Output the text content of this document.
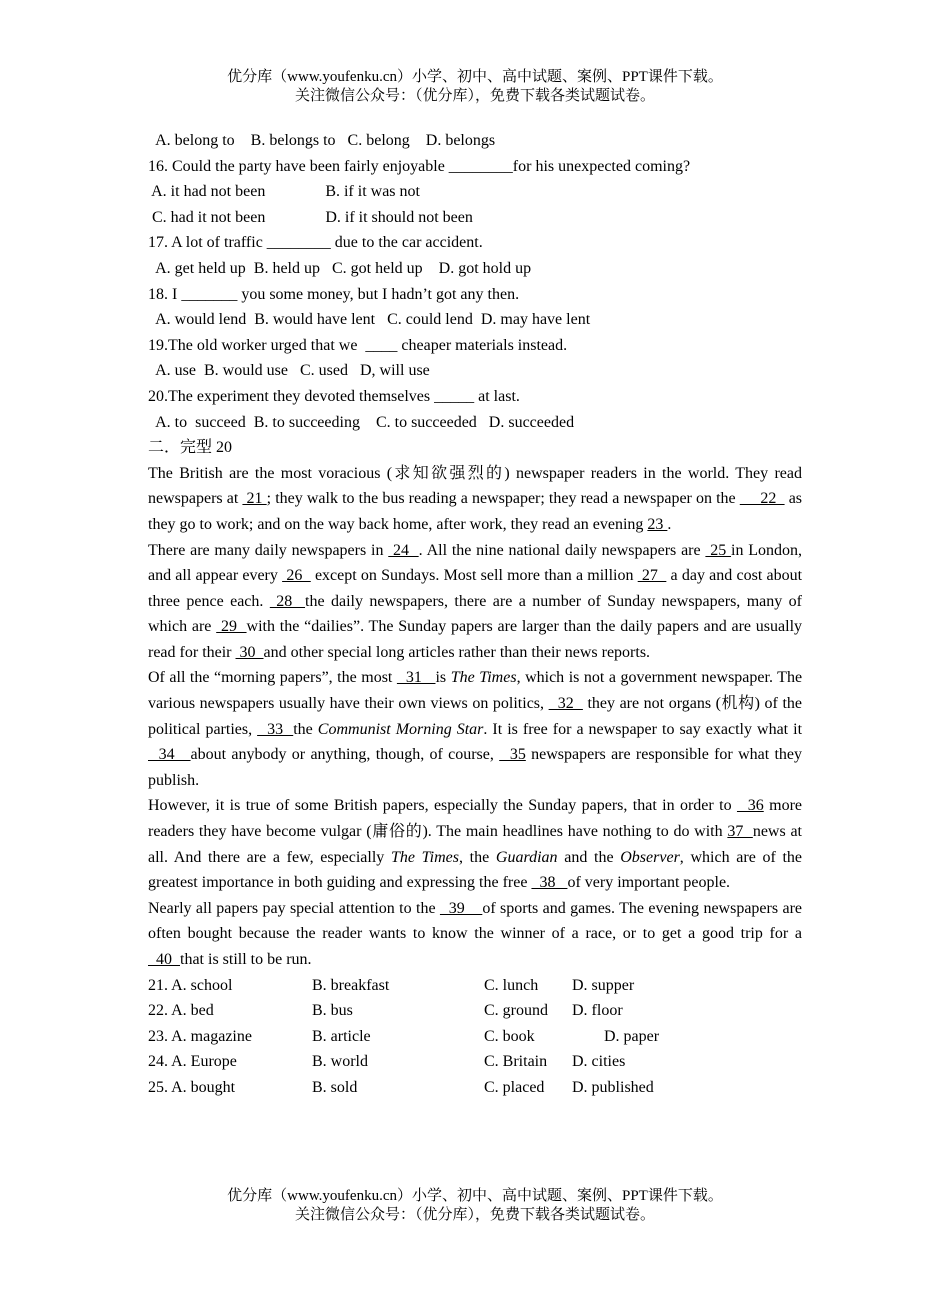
优分库（www.youfenku.cn）小学、初中、高中试题、案例、PPT课件下载。
关注微信公众号：（优分库），免费下载各类试题试卷。
A. belong to    B. belongs to   C. belong    D. belongs
16. Could the party have been fairly enjoyable ________for his unexpected coming?
A. it had not been               B. if it was not
C. had it not been               D. if it should not been
17. A lot of traffic ________ due to the car accident.
A. get held up  B. held up   C. got held up    D. got hold up
18. I _______ you some money, but I hadn’t got any then.
A. would lend  B. would have lent   C. could lend  D. may have lent
19.The old worker urged that we  ____ cheaper materials instead.
A. use  B. would use   C. used   D, will use
20.The experiment they devoted themselves _____ at last.
A. to  succeed  B. to succeeding    C. to succeeded   D. succeeded
二．完型 20
The British are the most voracious (求知欲强烈的) newspaper readers in the world. They read newspapers at  21 ; they walk to the bus reading a newspaper; they read a newspaper on the      22   as they go to work; and on the way back home, after work, they read an evening 23 .
There are many daily newspapers in  24  . All the nine national daily newspapers are  25 in London, and all appear every  26   except on Sundays. Most sell more than a million  27   a day and cost about three pence each.  28  the daily newspapers, there are a number of Sunday newspapers, many of which are  29  with the “dailies”. The Sunday papers are larger than the daily papers and are usually read for their  30  and other special long articles rather than their news reports.
Of all the “morning papers”, the most   31   is The Times, which is not a government newspaper. The various newspapers usually have their own views on politics,   32   they are not organs (机构) of the political parties,   33  the Communist Morning Star. It is free for a newspaper to say exactly what it   34   about anybody or anything, though, of course,   35 newspapers are responsible for what they publish.
However, it is true of some British papers, especially the Sunday papers, that in order to   36 more readers they have become vulgar (庸俗的). The main headlines have nothing to do with 37  news at all. And there are a few, especially The Times, the Guardian and the Observer, which are of the greatest importance in both guiding and expressing the free   38   of very important people.
Nearly all papers pay special attention to the   39    of sports and games. The evening newspapers are often bought because the reader wants to know the winner of a race, or to get a good trip for a   40  that is still to be run.
21. A. school	B. breakfast	C. lunch	D. supper
22. A. bed	B. bus	C. ground	D. floor
23. A. magazine	B. article	C. book	D. paper
24. A. Europe	B. world	C. Britain	D. cities
25. A. bought	B. sold	C. placed	D. published
优分库（www.youfenku.cn）小学、初中、高中试题、案例、PPT课件下载。
关注微信公众号：（优分库），免费下载各类试题试卷。
